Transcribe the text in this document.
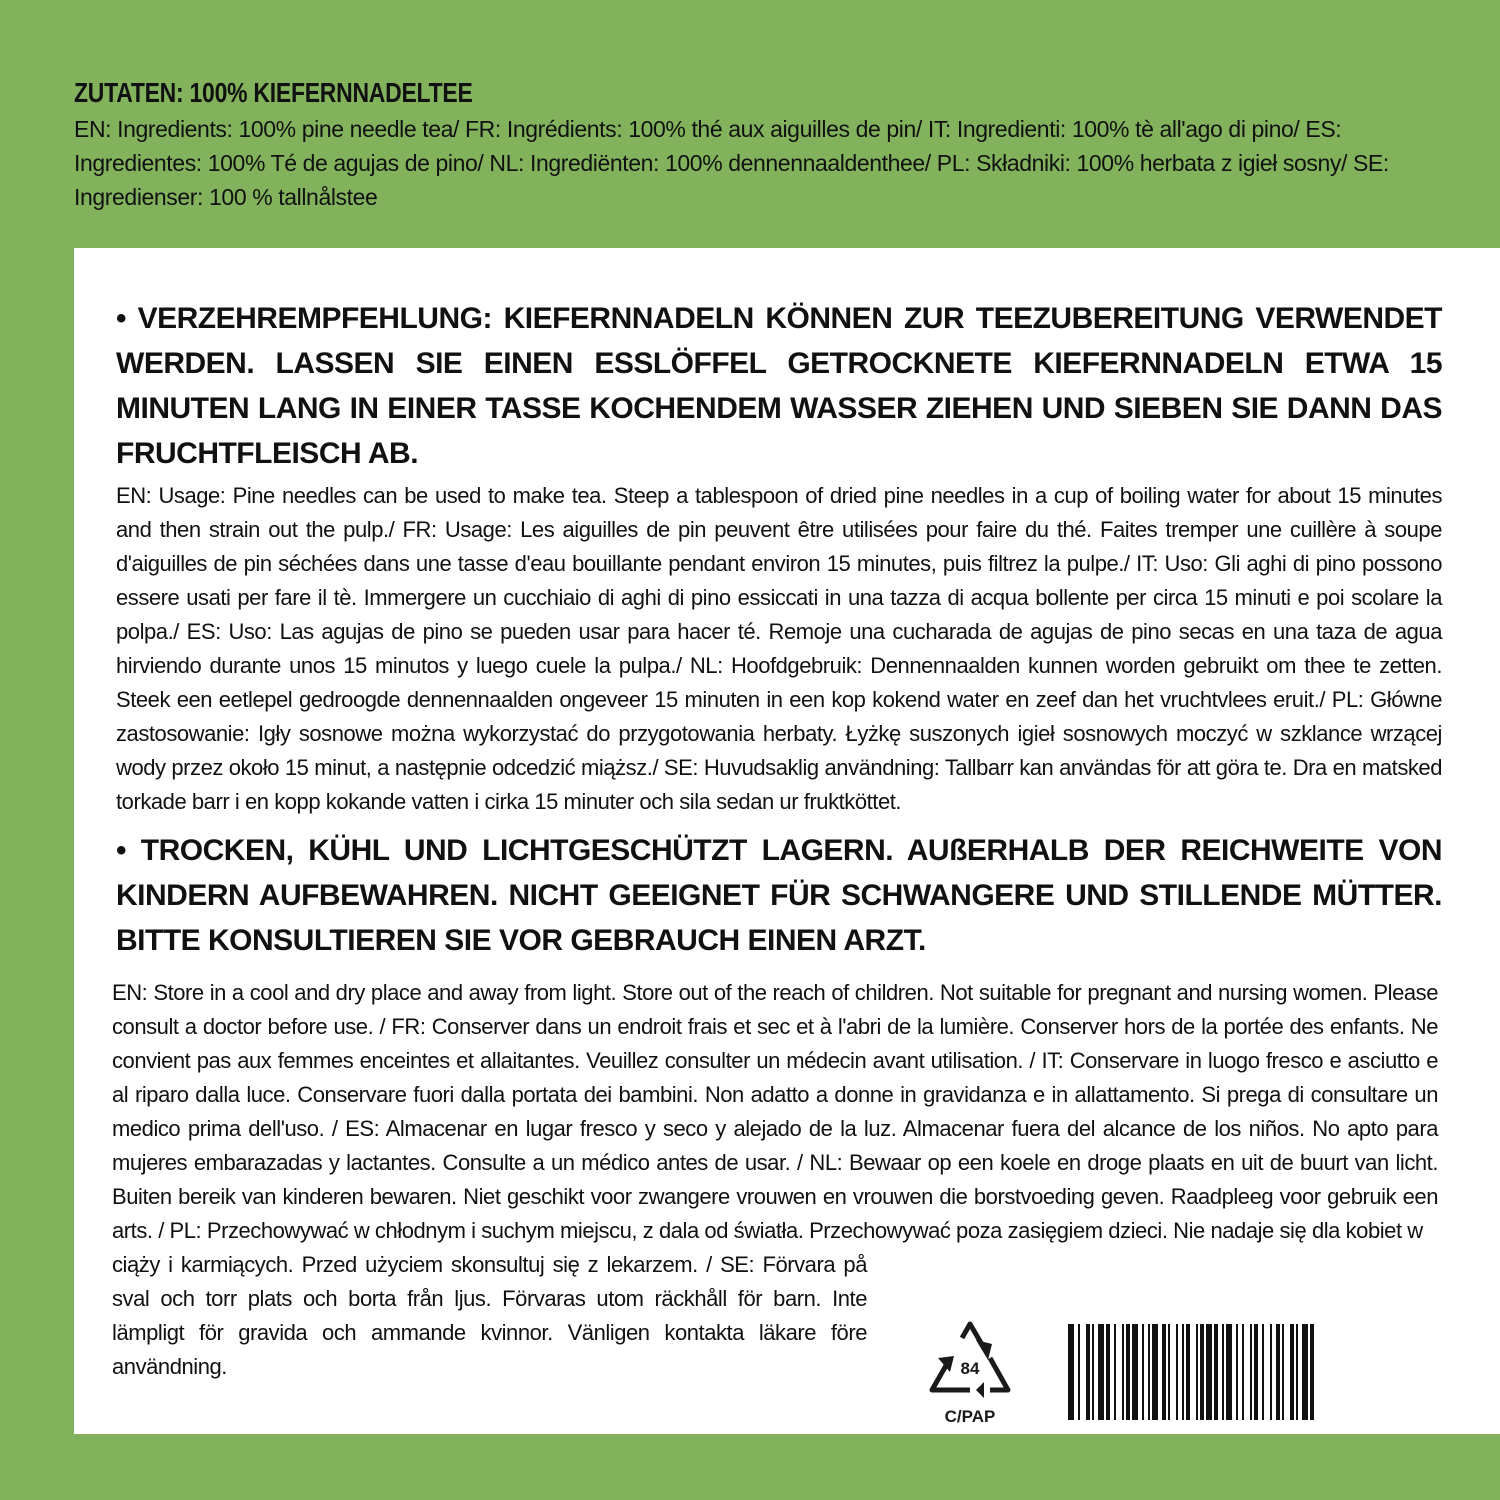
ZUTATEN: 100% KIEFERNNADELTEE

EN: Ingredients: 100% pine needle tea/ FR: Ingrédients: 100% thé aux aiguilles de pin/ IT: Ingredienti: 100% tè all'ago di pino/ ES: Ingredientes: 100% Té de agujas de pino/ NL: Ingrediënten: 100% dennennaaldenthee/ PL: Składniki: 100% herbata z igieł sosny/ SE: Ingredienser: 100 % tallnålstee

• VERZEHREMPFEHLUNG: KIEFERNNADELN KÖNNEN ZUR TEEZUBEREITUNG VERWENDET WERDEN. LASSEN SIE EINEN ESSLÖFFEL GETROCKNETE KIEFERNNADELN ETWA 15 MINUTEN LANG IN EINER TASSE KOCHENDEM WASSER ZIEHEN UND SIEBEN SIE DANN DAS FRUCHTFLEISCH AB.

EN: Usage: Pine needles can be used to make tea. Steep a tablespoon of dried pine needles in a cup of boiling water for about 15 minutes and then strain out the pulp./ FR: Usage: Les aiguilles de pin peuvent être utilisées pour faire du thé. Faites tremper une cuillère à soupe d'aiguilles de pin séchées dans une tasse d'eau bouillante pendant environ 15 minutes, puis filtrez la pulpe./ IT: Uso: Gli aghi di pino possono essere usati per fare il tè. Immergere un cucchiaio di aghi di pino essiccati in una tazza di acqua bollente per circa 15 minuti e poi scolare la polpa./ ES: Uso: Las agujas de pino se pueden usar para hacer té. Remoje una cucharada de agujas de pino secas en una taza de agua hirviendo durante unos 15 minutos y luego cuele la pulpa./ NL: Hoofdgebruik: Dennennaalden kunnen worden gebruikt om thee te zetten. Steek een eetlepel gedroogde dennennaalden ongeveer 15 minuten in een kop kokend water en zeef dan het vruchtvlees eruit./ PL: Główne zastosowanie: Igły sosnowe można wykorzystać do przygotowania herbaty. Łyżkę suszonych igieł sosnowych moczyć w szklance wrzącej wody przez około 15 minut, a następnie odcedzić miąższ./ SE: Huvudsaklig användning: Tallbarr kan användas för att göra te. Dra en matsked torkade barr i en kopp kokande vatten i cirka 15 minuter och sila sedan ur fruktköttet.

• TROCKEN, KÜHL UND LICHTGESCHÜTZT LAGERN. AUßERHALB DER REICHWEITE VON KINDERN AUFBEWAHREN. NICHT GEEIGNET FÜR SCHWANGERE UND STILLENDE MÜTTER. BITTE KONSULTIEREN SIE VOR GEBRAUCH EINEN ARZT.

EN: Store in a cool and dry place and away from light. Store out of the reach of children. Not suitable for pregnant and nursing women. Please consult a doctor before use. / FR: Conserver dans un endroit frais et sec et à l'abri de la lumière. Conserver hors de la portée des enfants. Ne convient pas aux femmes enceintes et allaitantes. Veuillez consulter un médecin avant utilisation. / IT: Conservare in luogo fresco e asciutto e al riparo dalla luce. Conservare fuori dalla portata dei bambini. Non adatto a donne in gravidanza e in allattamento. Si prega di consultare un medico prima dell'uso. / ES: Almacenar en lugar fresco y seco y alejado de la luz. Almacenar fuera del alcance de los niños. No apto para mujeres embarazadas y lactantes. Consulte a un médico antes de usar. / NL: Bewaar op een koele en droge plaats en uit de buurt van licht. Buiten bereik van kinderen bewaren. Niet geschikt voor zwangere vrouwen en vrouwen die borstvoeding geven. Raadpleeg voor gebruik een arts. / PL: Przechowywać w chłodnym i suchym miejscu, z dala od światła. Przechowywać poza zasięgiem dzieci. Nie nadaje się dla kobiet w
ciąży i karmiących. Przed użyciem skonsultuj się z lekarzem. / SE: Förvara på sval och torr plats och borta från ljus. Förvaras utom räckhåll för barn. Inte lämpligt för gravida och ammande kvinnor. Vänligen kontakta läkare före användning.	84
C/PAP
